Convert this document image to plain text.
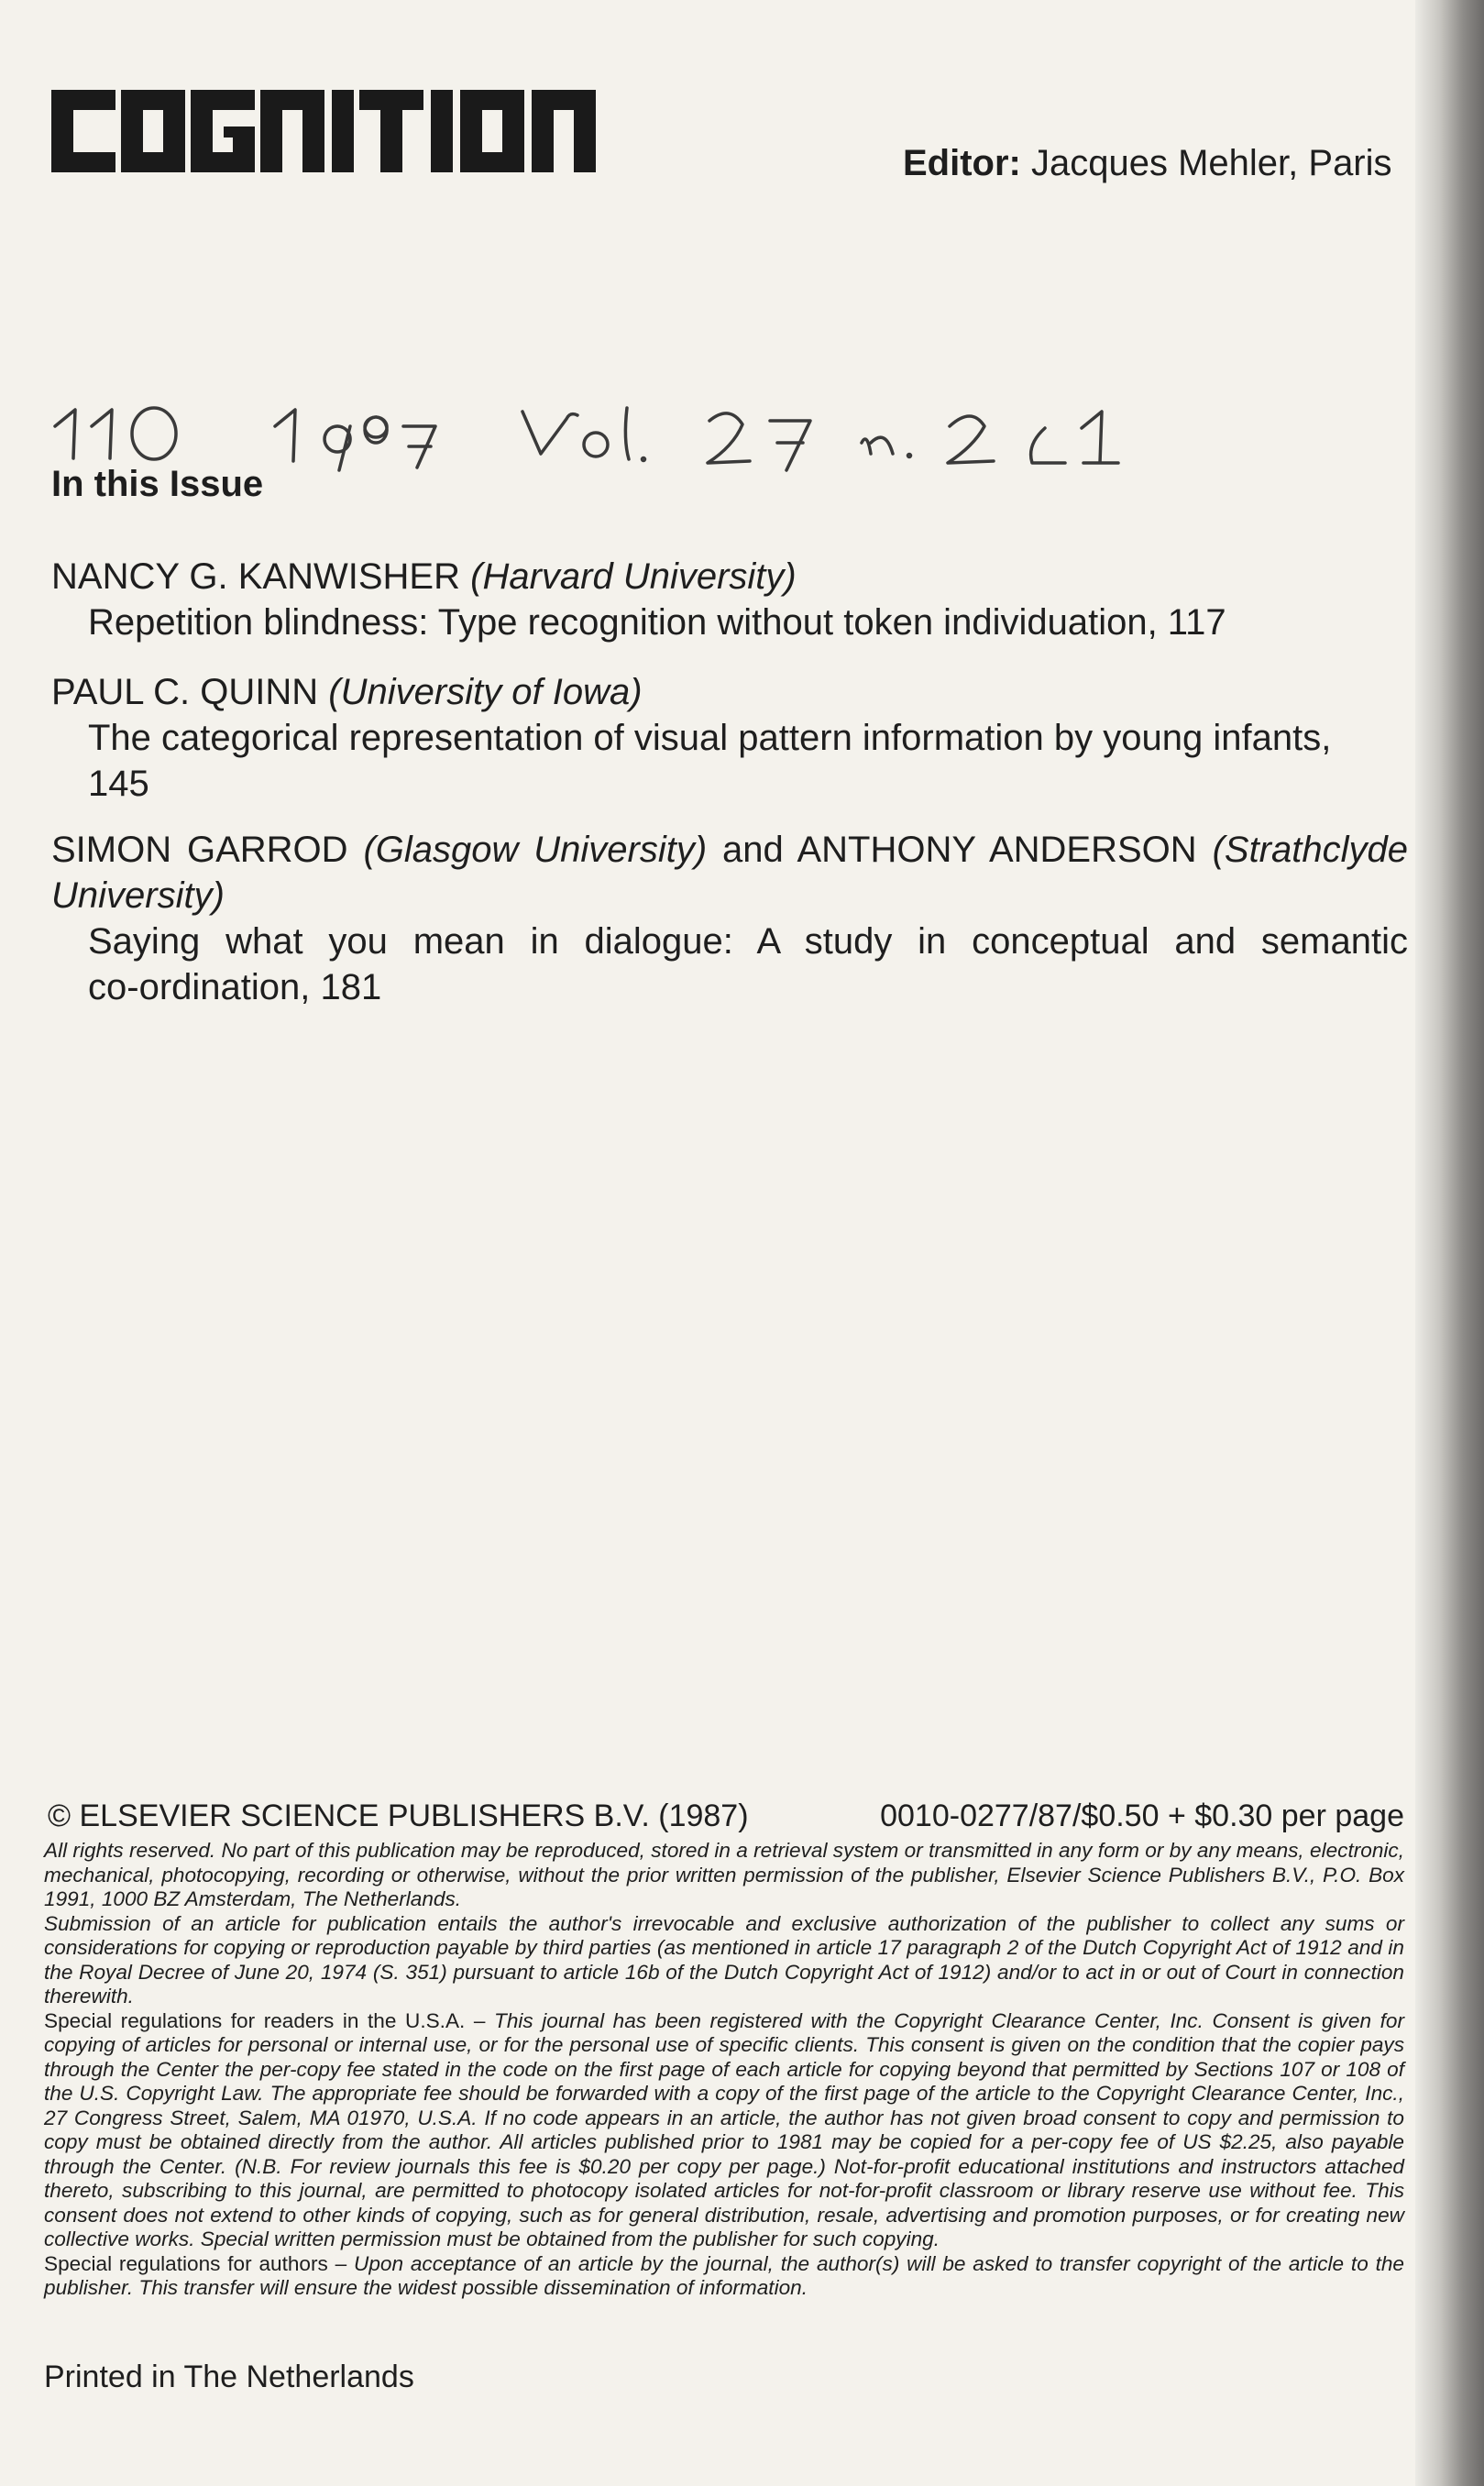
Editor: Jacques Mehler, Paris
In this Issue

NANCY G. KANWISHER (Harvard University)

Repetition blindness: Type recognition without token individuation, 117

PAUL C. QUINN (University of Iowa)

The categorical representation of visual pattern information by young infants,

145

SIMON GARROD (Glasgow University) and ANTHONY ANDERSON (Strathclyde

University)

Saying what you mean in dialogue: A study in conceptual and semantic

co-ordination, 181

© ELSEVIER SCIENCE PUBLISHERS B.V. (1987)	0010-0277/87/$0.50 + $0.30 per page

All rights reserved. No part of this publication may be reproduced, stored in a retrieval system or transmitted in any form or by any means, electronic, mechanical, photocopying, recording or otherwise, without the prior written permission of the publisher, Elsevier Science Publishers B.V., P.O. Box 1991, 1000 BZ Amsterdam, The Netherlands.

Submission of an article for publication entails the author's irrevocable and exclusive authorization of the publisher to collect any sums or considerations for copying or reproduction payable by third parties (as mentioned in article 17 paragraph 2 of the Dutch Copyright Act of 1912 and in the Royal Decree of June 20, 1974 (S. 351) pursuant to article 16b of the Dutch Copyright Act of 1912) and/or to act in or out of Court in connection therewith.

Special regulations for readers in the U.S.A. – This journal has been registered with the Copyright Clearance Center, Inc. Consent is given for copying of articles for personal or internal use, or for the personal use of specific clients. This consent is given on the condition that the copier pays through the Center the per-copy fee stated in the code on the first page of each article for copying beyond that permitted by Sections 107 or 108 of the U.S. Copyright Law. The appropriate fee should be forwarded with a copy of the first page of the article to the Copyright Clearance Center, Inc., 27 Congress Street, Salem, MA 01970, U.S.A. If no code appears in an article, the author has not given broad consent to copy and permission to copy must be obtained directly from the author. All articles published prior to 1981 may be copied for a per-copy fee of US $2.25, also payable through the Center. (N.B. For review journals this fee is $0.20 per copy per page.) Not-for-profit educational institutions and instructors attached thereto, subscribing to this journal, are permitted to photocopy isolated articles for not-for-profit classroom or library reserve use without fee. This consent does not extend to other kinds of copying, such as for general distribution, resale, advertising and promotion purposes, or for creating new collective works. Special written permission must be obtained from the publisher for such copying.

Special regulations for authors – Upon acceptance of an article by the journal, the author(s) will be asked to transfer copyright of the article to the publisher. This transfer will ensure the widest possible dissemination of information.

Printed in The Netherlands
